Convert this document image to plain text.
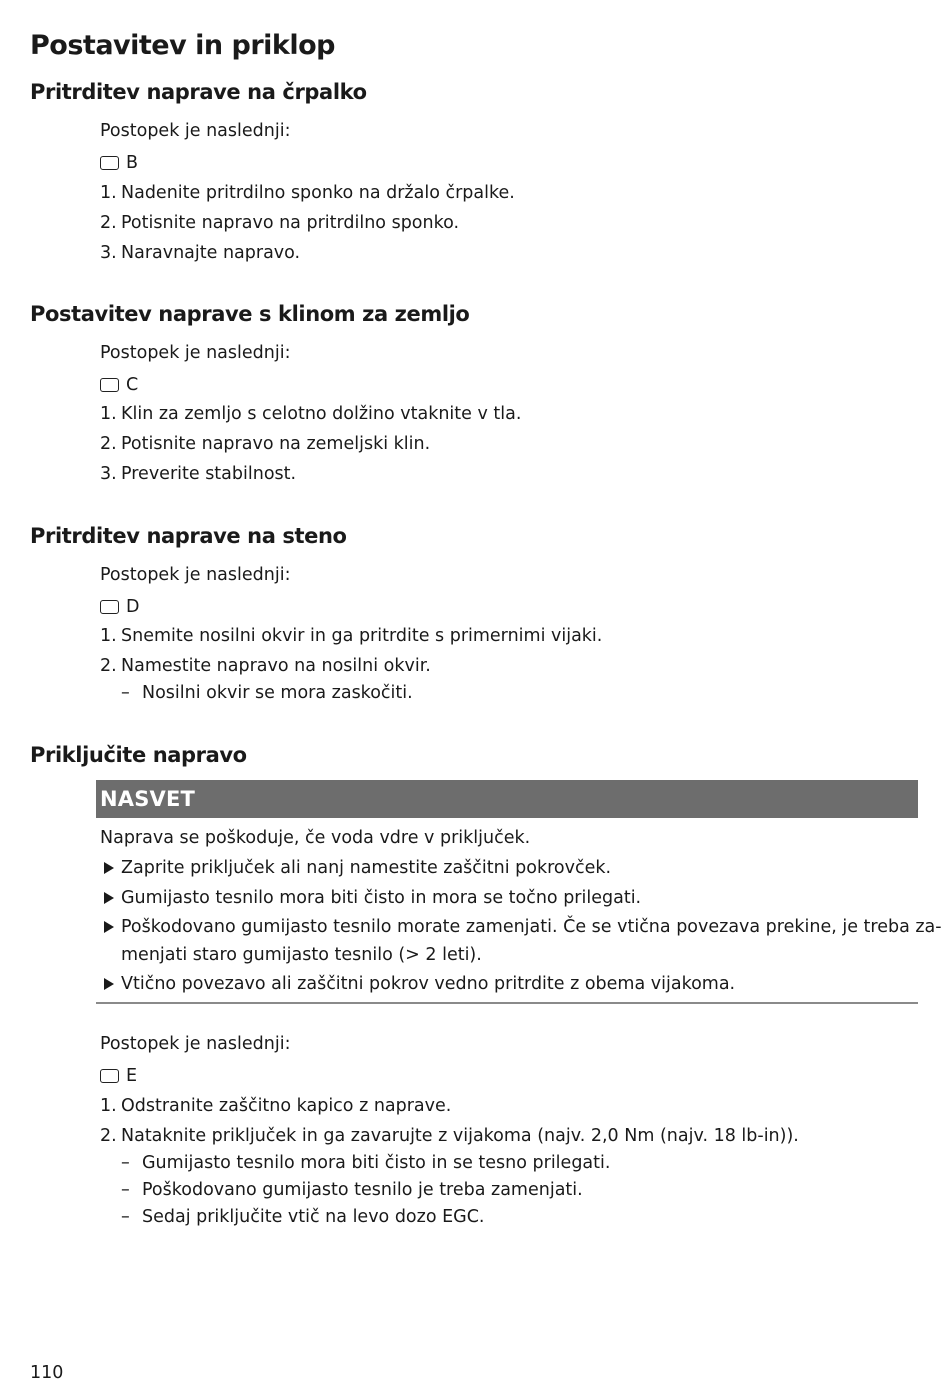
Postavitev in priklop
Pritrditev naprave na črpalko

Postopek je naslednji:

B
1. Nadenite pritrdilno sponko na držalo črpalke.

2. Potisnite napravo na pritrdilno sponko.

3. Naravnajte napravo.

Postavitev naprave s klinom za zemljo

Postopek je naslednji:

C
1. Klin za zemljo s celotno dolžino vtaknite v tla.

2. Potisnite napravo na zemeljski klin.

3. Preverite stabilnost.

Pritrditev naprave na steno

Postopek je naslednji:

D
1. Snemite nosilni okvir in ga pritrdite s primernimi vijaki.

2. Namestite napravo na nosilni okvir.

– Nosilni okvir se mora zaskočiti.

Priključite napravo
NASVET

Naprava se poškoduje, če voda vdre v priključek.

Zaprite priključek ali nanj namestite zaščitni pokrovček.

Gumijasto tesnilo mora biti čisto in mora se točno prilegati.

Poškodovano gumijasto tesnilo morate zamenjati. Če se vtična povezava prekine, je treba za-

menjati staro gumijasto tesnilo (> 2 leti).

Vtično povezavo ali zaščitni pokrov vedno pritrdite z obema vijakoma.

Postopek je naslednji:

E
1. Odstranite zaščitno kapico z naprave.

2. Nataknite priključek in ga zavarujte z vijakoma (najv. 2,0 Nm (najv. 18 lb-in)).

– Gumijasto tesnilo mora biti čisto in se tesno prilegati.

– Poškodovano gumijasto tesnilo je treba zamenjati.

– Sedaj priključite vtič na levo dozo EGC.

110
